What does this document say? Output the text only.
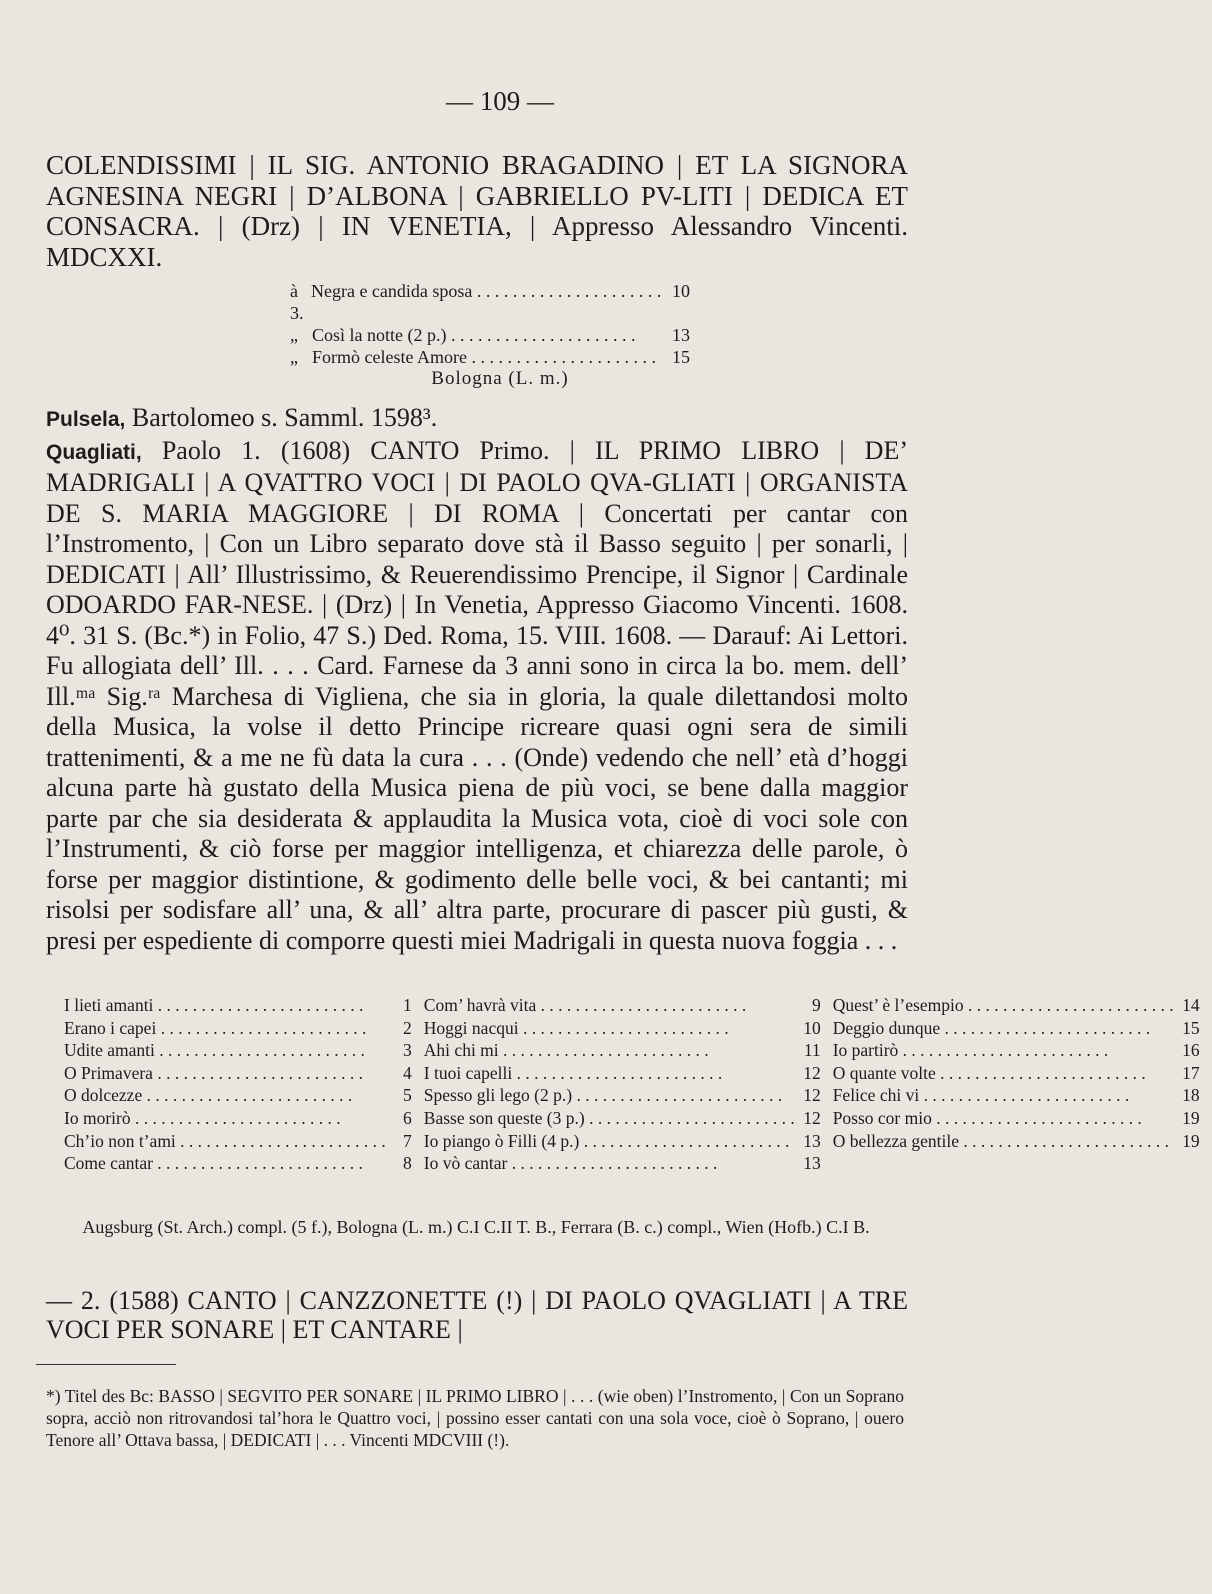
— 109 —
COLENDISSIMI | IL SIG. ANTONIO BRAGADINO | ET LA SIGNORA AGNESINA NEGRI | D’ALBONA | GABRIELLO PV-LITI | DEDICA ET CONSACRA. | (Drz) | IN VENETIA, | Appresso Alessandro Vincenti. MDCXXI.
à 3.
Negra e candida sposa . . .	10
„ Così la notte (2 p.) . . .	13
„ Formò celeste Amore . . .	15
Bologna (L. m.)
Pulsela, Bartolomeo s. Samml. 1598³.
Quagliati, Paolo 1. (1608) CANTO Primo. | IL PRIMO LIBRO | DE’ MADRIGALI | A QVATTRO VOCI | DI PAOLO QVA-GLIATI | ORGANISTA DE S. MARIA MAGGIORE | DI ROMA | Concertati per cantar con l’Instromento, | Con un Libro separato dove stà il Basso seguito | per sonarli, | DEDICATI | All’ Illustrissimo, & Reuerendissimo Prencipe, il Signor | Cardinale ODOARDO FAR-NESE. | (Drz) | In Venetia, Appresso Giacomo Vincenti. 1608. 4⁰. 31 S. (Bc.*) in Folio, 47 S.) Ded. Roma, 15. VIII. 1608. — Darauf: Ai Lettori. Fu allogiata dell’ Ill. . . . Card. Farnese da 3 anni sono in circa la bo. mem. dell’ Ill.ᵐᵃ Sig.ʳᵃ Marchesa di Vigliena, che sia in gloria, la quale dilettandosi molto della Musica, la volse il detto Principe ricreare quasi ogni sera de simili trattenimenti, & a me ne fù data la cura . . . (Onde) vedendo che nell’ età d’hoggi alcuna parte hà gustato della Musica piena de più voci, se bene dalla maggior parte par che sia desiderata & applaudita la Musica vota, cioè di voci sole con l’Instrumenti, & ciò forse per maggior intelligenza, et chiarezza delle parole, ò forse per maggior distintione, & godimento delle belle voci, & bei cantanti; mi risolsi per sodisfare all’ una, & all’ altra parte, procurare di pascer più gusti, & presi per espediente di comporre questi miei Madrigali in questa nuova foggia . . .
I lieti amanti . . .	1
Erano i capei . . .	2
Udite amanti . . .	3
O Primavera . . .	4
O dolcezze . . .	5
Io morirò . . .	6
Ch’io non t’ami . . .	7
Come cantar . . .	8
Com’ havrà vita . . .	9
Hoggi nacqui . . .	10
Ahi chi mi . . .	11
I tuoi capelli . . .	12
Spesso gli lego (2 p.) . . .	12
Basse son queste (3 p.) . . .	12
Io piango ò Filli (4 p.) . . .	13
Io vò cantar . . .	13
Quest’ è l’esempio . . .	14
Deggio dunque . . .	15
Io partirò . . .	16
O quante volte . . .	17
Felice chi vi . . .	18
Posso cor mio . . .	19
O bellezza gentile . . .	19
Augsburg (St. Arch.) compl. (5 f.), Bologna (L. m.) C.I C.II T. B., Ferrara (B. c.) compl., Wien (Hofb.) C.I B.
— 2. (1588) CANTO | CANZZONETTE (!) | DI PAOLO QVAGLIATI | A TRE VOCI PER SONARE | ET CANTARE |
*) Titel des Bc: BASSO | SEGVITO PER SONARE | IL PRIMO LIBRO | . . . (wie oben) l’Instromento, | Con un Soprano sopra, acciò non ritrovandosi tal’hora le Quattro voci, | possino esser cantati con una sola voce, cioè ò Soprano, | ouero Tenore all’ Ottava bassa, | DEDICATI | . . . Vincenti MDCVIII (!).
